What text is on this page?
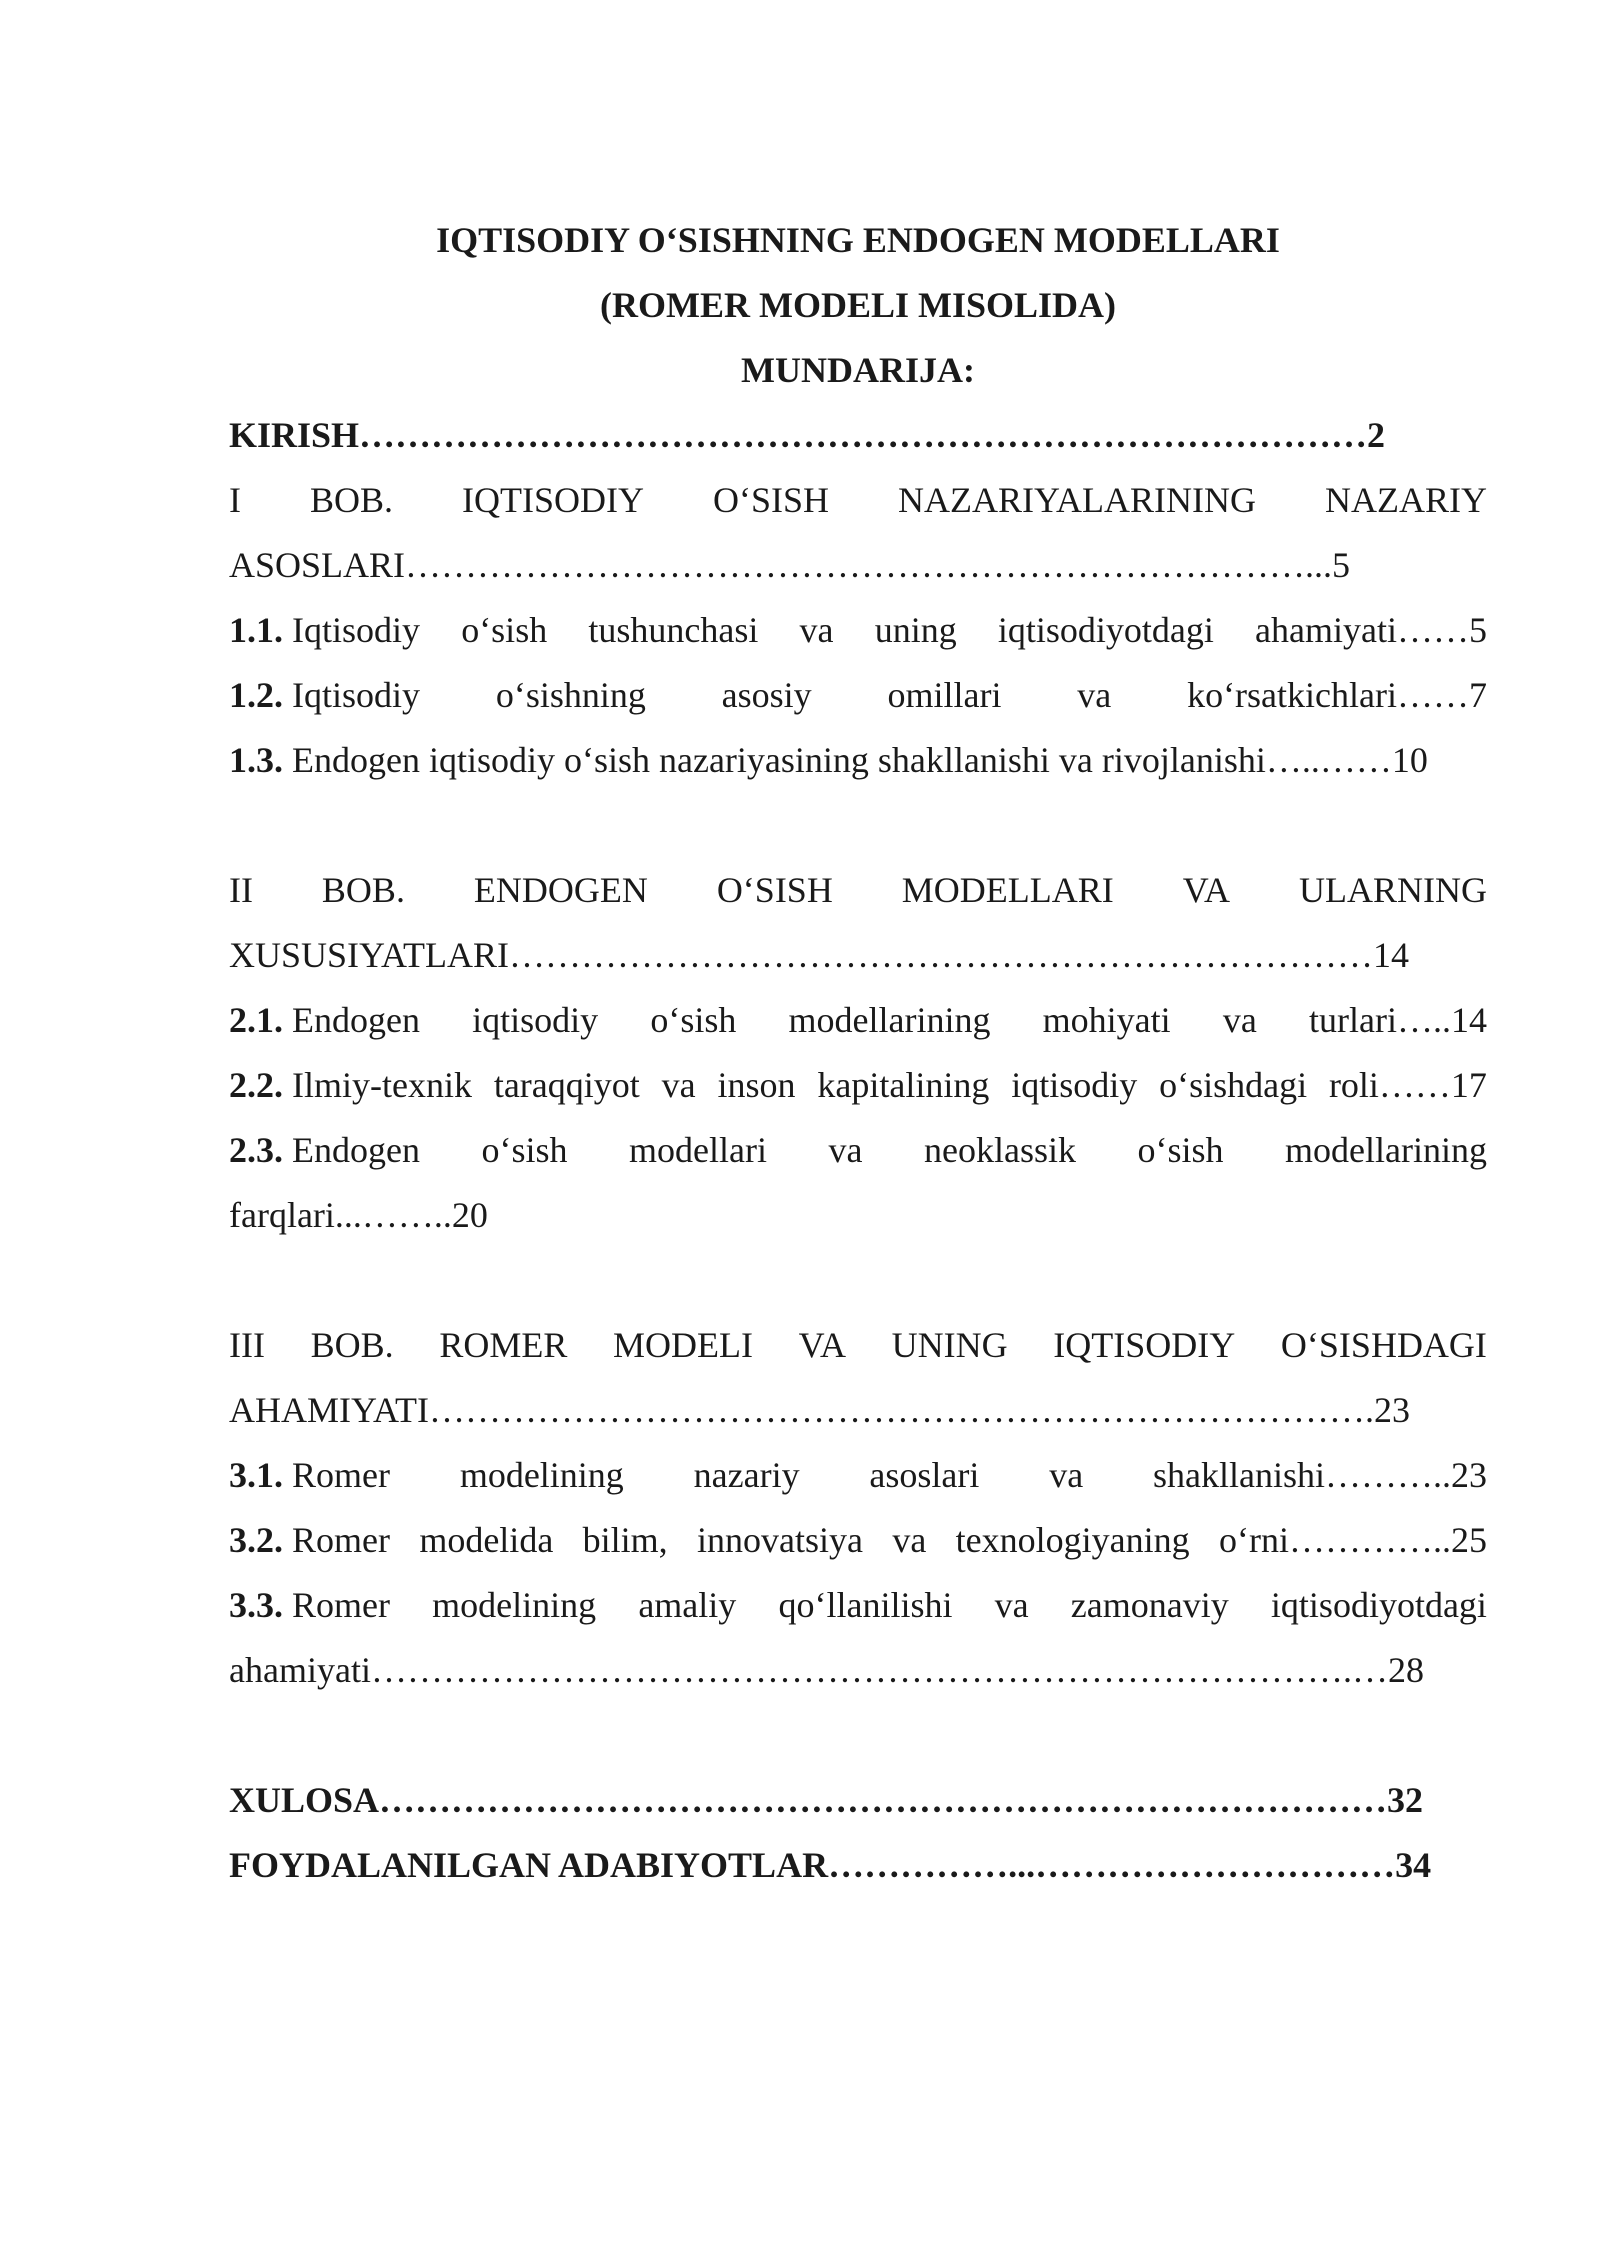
IQTISODIY O‘SISHNING ENDOGEN MODELLARI
(ROMER MODELI MISOLIDA)
MUNDARIJA:
KIRISH…………………………………………………………………………2
I BOB. IQTISODIY O‘SISH NAZARIYALARINING NAZARIY
ASOSLARI…………………………………………………………………...5
1.1. Iqtisodiy o‘sish tushunchasi va uning iqtisodiyotdagi ahamiyati……5
1.2. Iqtisodiy o‘sishning asosiy omillari va ko‘rsatkichlari……7
1.3. Endogen iqtisodiy o‘sish nazariyasining shakllanishi va rivojlanishi…..……10
II BOB. ENDOGEN O‘SISH MODELLARI VA ULARNING
XUSUSIYATLARI………………………………………………………………14
2.1. Endogen iqtisodiy o‘sish modellarining mohiyati va turlari…..14
2.2. Ilmiy-texnik taraqqiyot va inson kapitalining iqtisodiy o‘sishdagi roli……17
2.3. Endogen o‘sish modellari va neoklassik o‘sish modellarining
farqlari...……..20
III BOB. ROMER MODELI VA UNING IQTISODIY O‘SISHDAGI
AHAMIYATI…………………………………………………………………….23
3.1. Romer modelining nazariy asoslari va shakllanishi………..23
3.2. Romer modelida bilim, innovatsiya va texnologiyaning o‘rni…………..25
3.3. Romer modelining amaliy qo‘llanilishi va zamonaviy iqtisodiyotdagi
ahamiyati……………………………………………………………………….…28
XULOSA…………………………………………………………………………32
FOYDALANILGAN ADABIYOTLAR……………...…………………………34
